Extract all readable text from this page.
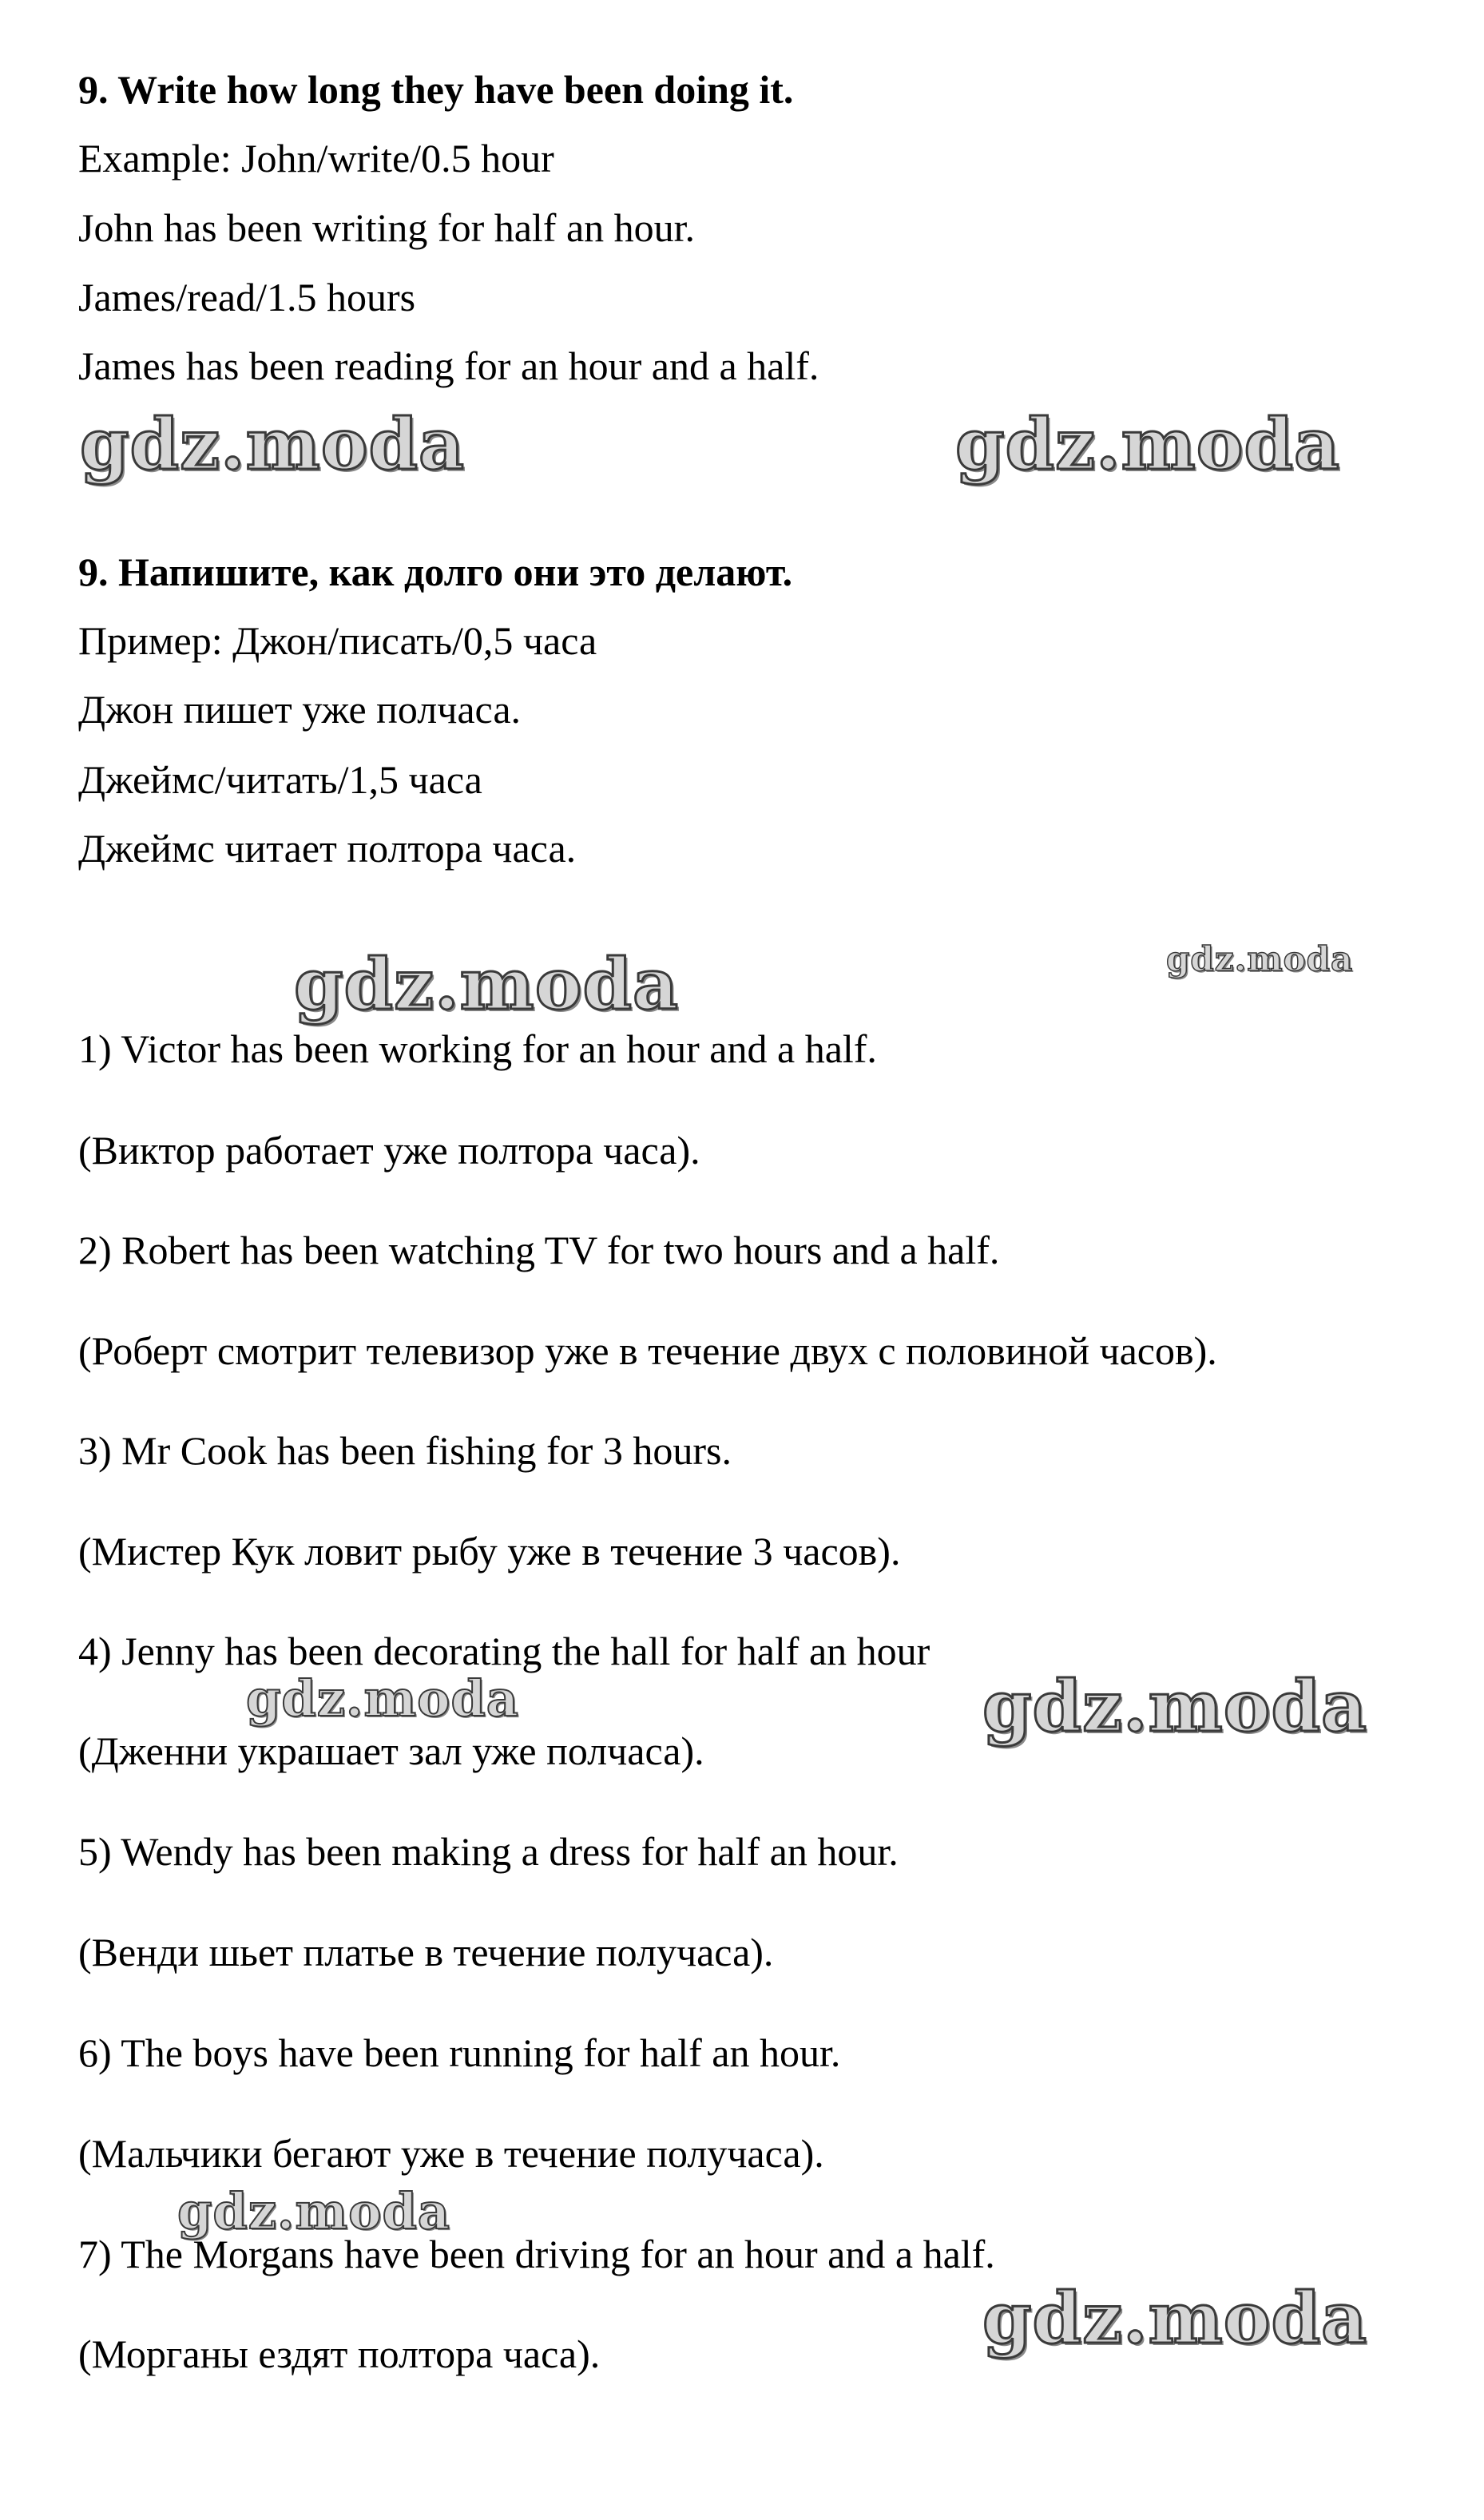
9. Write how long they have been doing it.
Example: John/write/0.5 hour
John has been writing for half an hour.
James/read/1.5 hours
James has been reading for an hour and a half.
gdz.moda	gdz.moda
9. Напишите, как долго они это делают.
Пример: Джон/писать/0,5 часа
Джон пишет уже полчаса.
Джеймс/читать/1,5 часа
Джеймс читает полтора часа.
gdz.moda	gdz.moda
1) Victor has been working for an hour and a half.
(Виктор работает уже полтора часа).
2) Robert has been watching TV for two hours and a half.
(Роберт смотрит телевизор уже в течение двух с половиной часов).
3) Mr Cook has been fishing for 3 hours.
(Мистер Кук ловит рыбу уже в течение 3 часов).
4) Jenny has been decorating the hall for half an hour
gdz.moda	gdz.moda
(Дженни украшает зал уже полчаса).
5) Wendy has been making a dress for half an hour.
(Венди шьет платье в течение получаса).
6) The boys have been running for half an hour.
(Мальчики бегают уже в течение получаса).
gdz.moda
7) The Morgans have been driving for an hour and a half.
gdz.moda
(Морганы ездят полтора часа).
